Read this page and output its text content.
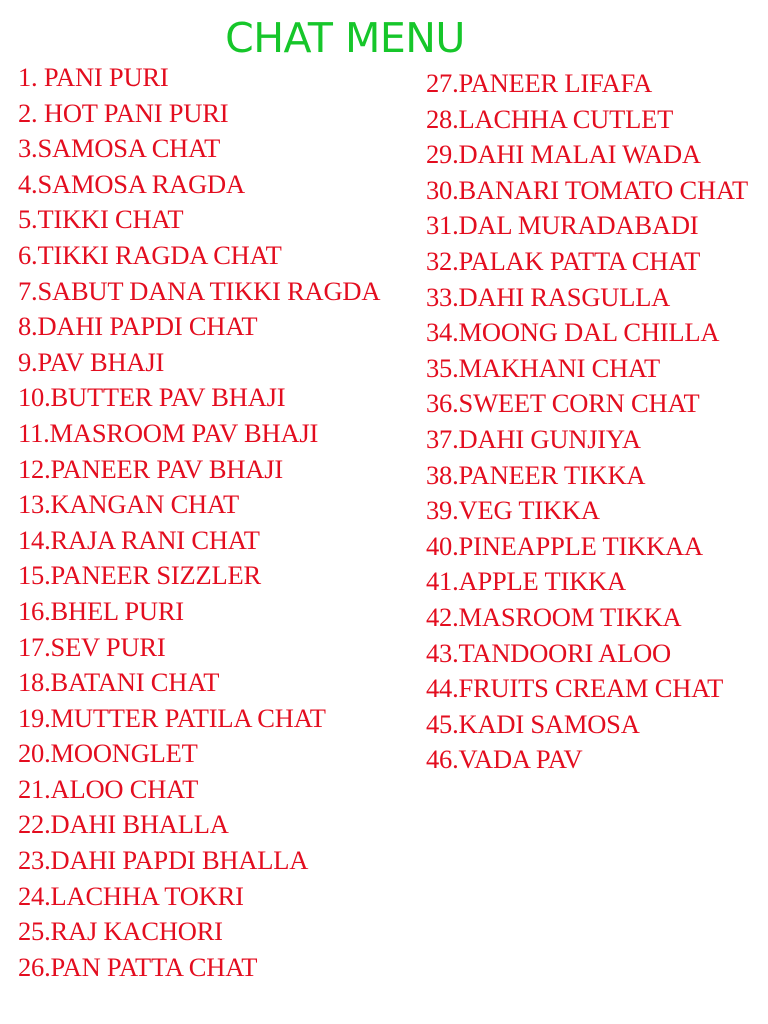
CHAT MENU
1. PANI PURI
2. HOT PANI PURI
3.SAMOSA CHAT
4.SAMOSA RAGDA
5.TIKKI CHAT
6.TIKKI RAGDA CHAT
7.SABUT DANA TIKKI RAGDA
8.DAHI PAPDI CHAT
9.PAV BHAJI
10.BUTTER PAV BHAJI
11.MASROOM PAV BHAJI
12.PANEER PAV BHAJI
13.KANGAN CHAT
14.RAJA RANI CHAT
15.PANEER SIZZLER
16.BHEL PURI
17.SEV PURI
18.BATANI CHAT
19.MUTTER PATILA CHAT
20.MOONGLET
21.ALOO CHAT
22.DAHI BHALLA
23.DAHI PAPDI BHALLA
24.LACHHA TOKRI
25.RAJ KACHORI
26.PAN PATTA CHAT
27.PANEER LIFAFA
28.LACHHA CUTLET
29.DAHI MALAI WADA
30.BANARI TOMATO CHAT
31.DAL MURADABADI
32.PALAK PATTA CHAT
33.DAHI RASGULLA
34.MOONG DAL CHILLA
35.MAKHANI CHAT
36.SWEET CORN CHAT
37.DAHI GUNJIYA
38.PANEER TIKKA
39.VEG TIKKA
40.PINEAPPLE TIKKAA
41.APPLE TIKKA
42.MASROOM TIKKA
43.TANDOORI ALOO
44.FRUITS CREAM CHAT
45.KADI SAMOSA
46.VADA PAV
